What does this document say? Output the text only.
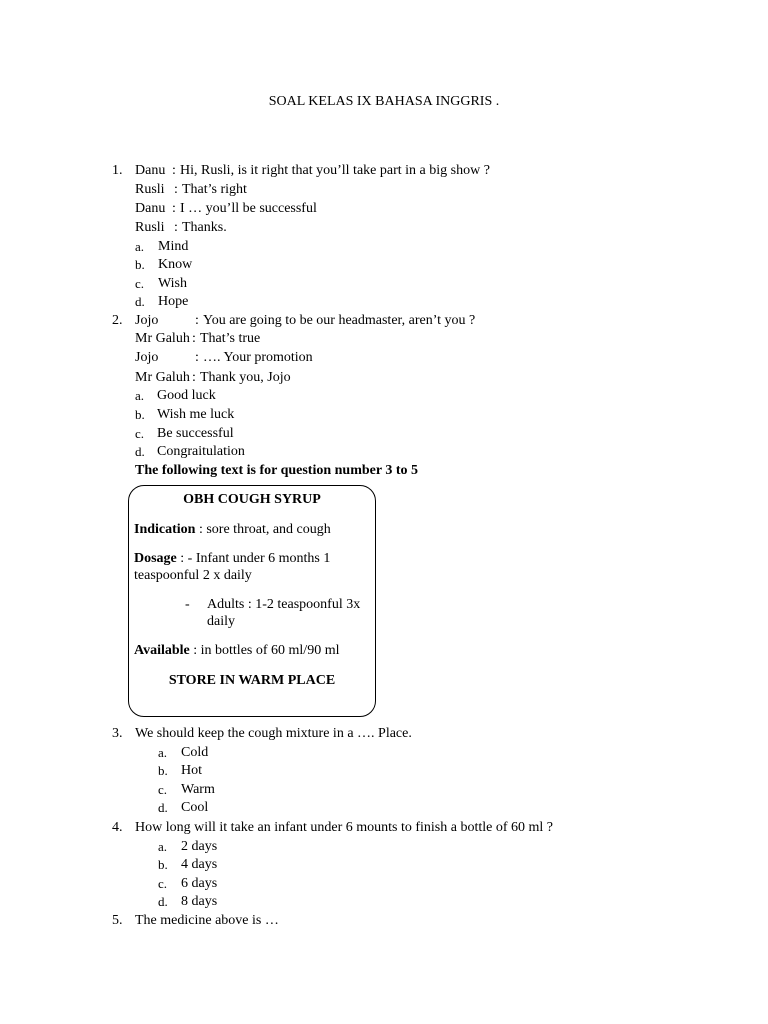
SOAL KELAS IX BAHASA INGGRIS .
1. Danu : Hi, Rusli, is it right that you’ll take part in a big show ?
Rusli : That’s right
Danu : I … you’ll be successful
Rusli : Thanks.
a. Mind
b. Know
c. Wish
d. Hope
2. Jojo	: You are going to be our headmaster, aren’t you ?
Mr Galuh : That’s true
Jojo	: …. Your promotion
Mr Galuh : Thank you, Jojo
a. Good luck
b. Wish me luck
c. Be successful
d. Congraitulation
The following text is for question number 3 to 5
OBH COUGH SYRUP
Indication : sore throat, and cough
Dosage : - Infant under 6 months 1
teaspoonful 2 x daily
- Adults : 1-2 teaspoonful 3x
daily
Available : in bottles of 60 ml/90 ml
STORE IN WARM PLACE
3. We should keep the cough mixture in a …. Place.
a. Cold
b. Hot
c. Warm
d. Cool
4. How long will it take an infant under 6 mounts to finish a bottle of 60 ml ?
a. 2 days
b. 4 days
c. 6 days
d. 8 days
5. The medicine above is …
